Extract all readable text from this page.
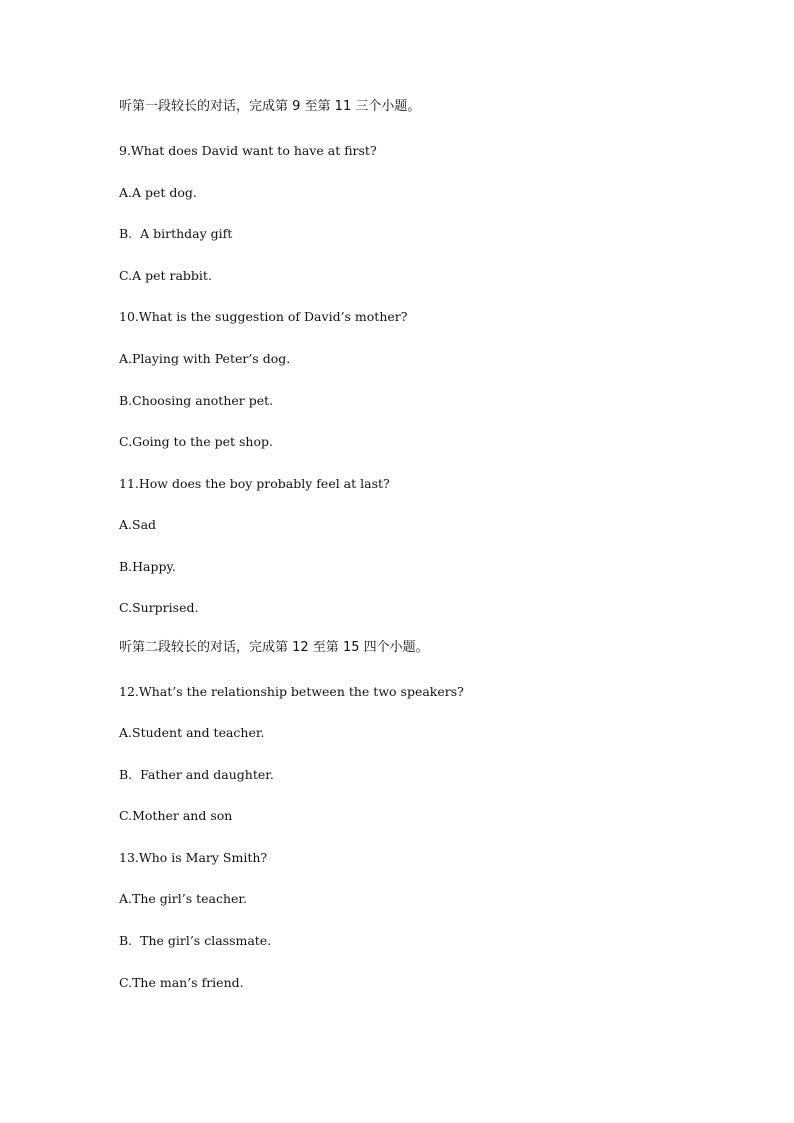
听第一段较长的对话，完成第 9 至第 11 三个小题。
9.What does David want to have at first?
A.A pet dog.
B.  A birthday gift
C.A pet rabbit.
10.What is the suggestion of David’s mother?
A.Playing with Peter’s dog.
B.Choosing another pet.
C.Going to the pet shop.
11.How does the boy probably feel at last?
A.Sad
B.Happy.
C.Surprised.
听第二段较长的对话，完成第 12 至第 15 四个小题。
12.What’s the relationship between the two speakers?
A.Student and teacher.
B.  Father and daughter.
C.Mother and son
13.Who is Mary Smith?
A.The girl’s teacher.
B.  The girl’s classmate.
C.The man’s friend.
